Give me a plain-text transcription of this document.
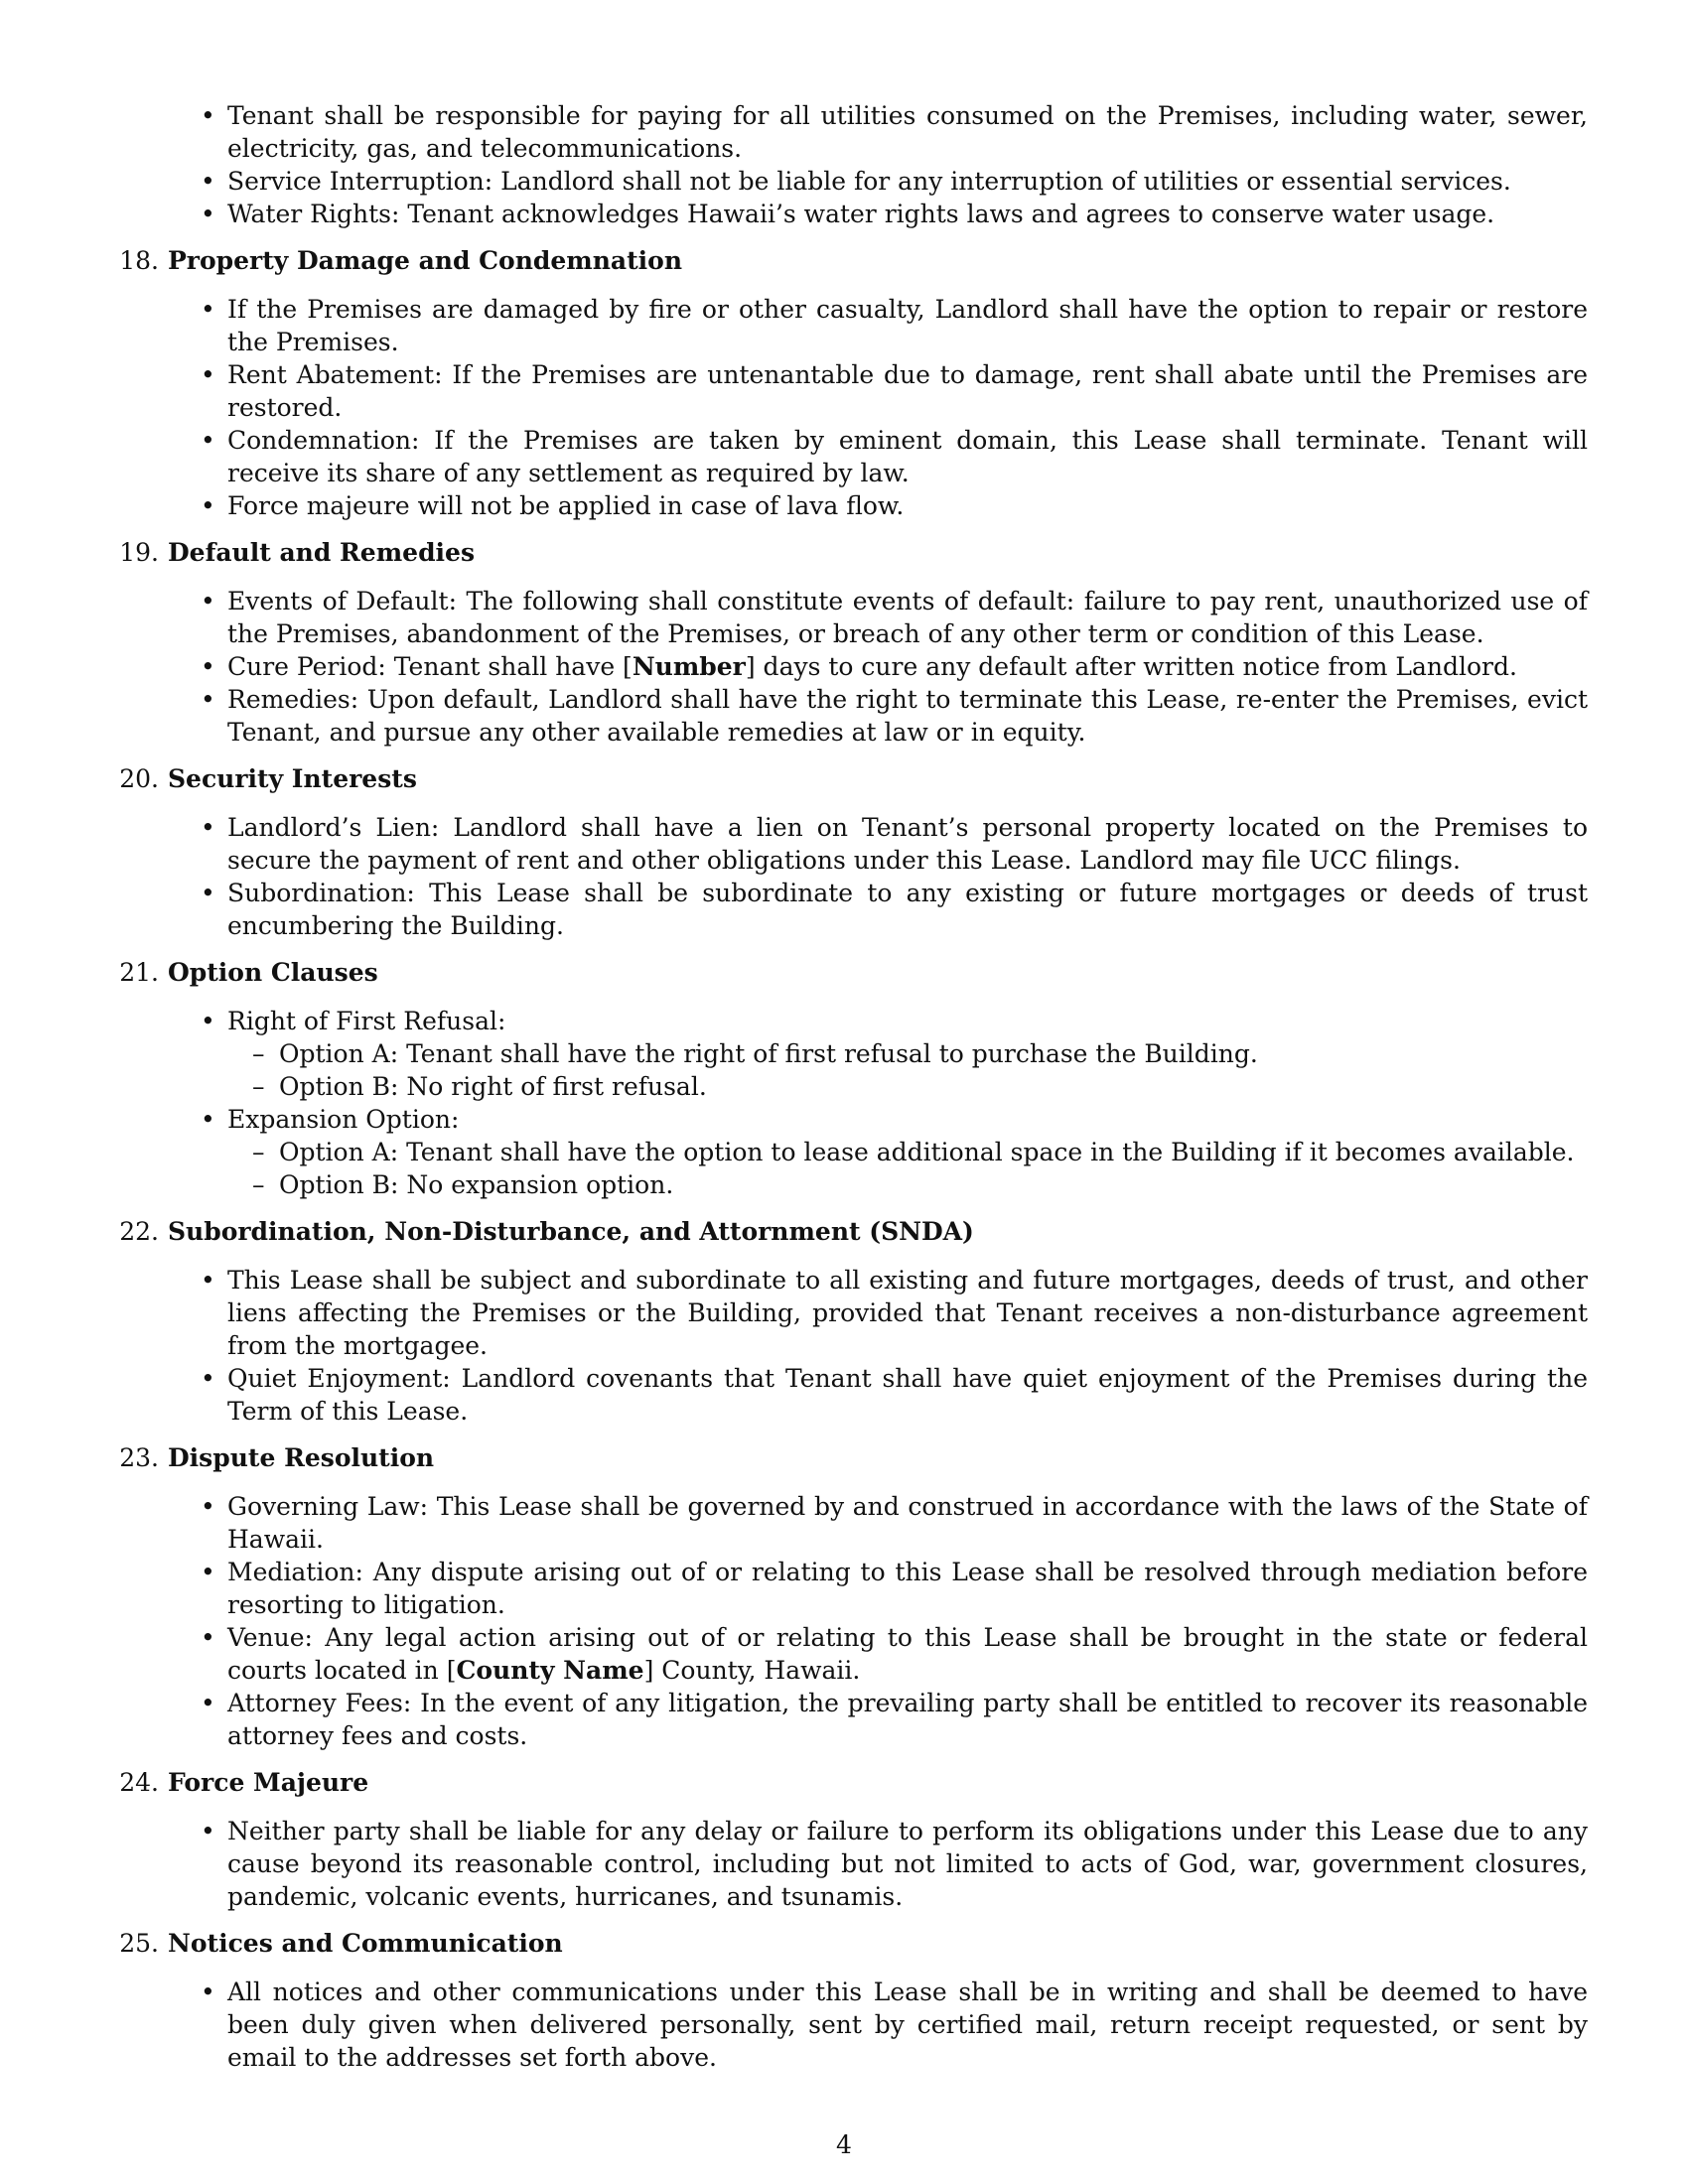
• Tenant shall be responsible for paying for all utilities consumed on the Premises, including water, sewer, electricity, gas, and telecommunications.
• Service Interruption: Landlord shall not be liable for any interruption of utilities or essential services.
• Water Rights: Tenant acknowledges Hawaii’s water rights laws and agrees to conserve water usage.
18. Property Damage and Condemnation
• If the Premises are damaged by fire or other casualty, Landlord shall have the option to repair or restore the Premises.
• Rent Abatement: If the Premises are untenantable due to damage, rent shall abate until the Premises are restored.
• Condemnation: If the Premises are taken by eminent domain, this Lease shall terminate. Tenant will receive its share of any settlement as required by law.
• Force majeure will not be applied in case of lava flow.
19. Default and Remedies
• Events of Default: The following shall constitute events of default: failure to pay rent, unauthorized use of the Premises, abandonment of the Premises, or breach of any other term or condition of this Lease.
• Cure Period: Tenant shall have [Number] days to cure any default after written notice from Landlord.
• Remedies: Upon default, Landlord shall have the right to terminate this Lease, re-enter the Premises, evict Tenant, and pursue any other available remedies at law or in equity.
20. Security Interests
• Landlord’s Lien: Landlord shall have a lien on Tenant’s personal property located on the Premises to secure the payment of rent and other obligations under this Lease. Landlord may file UCC filings.
• Subordination: This Lease shall be subordinate to any existing or future mortgages or deeds of trust encumbering the Building.
21. Option Clauses
• Right of First Refusal:
– Option A: Tenant shall have the right of first refusal to purchase the Building.
– Option B: No right of first refusal.
• Expansion Option:
– Option A: Tenant shall have the option to lease additional space in the Building if it becomes available.
– Option B: No expansion option.
22. Subordination, Non-Disturbance, and Attornment (SNDA)
• This Lease shall be subject and subordinate to all existing and future mortgages, deeds of trust, and other liens affecting the Premises or the Building, provided that Tenant receives a non-disturbance agreement from the mortgagee.
• Quiet Enjoyment: Landlord covenants that Tenant shall have quiet enjoyment of the Premises during the Term of this Lease.
23. Dispute Resolution
• Governing Law: This Lease shall be governed by and construed in accordance with the laws of the State of Hawaii.
• Mediation: Any dispute arising out of or relating to this Lease shall be resolved through mediation before resorting to litigation.
• Venue: Any legal action arising out of or relating to this Lease shall be brought in the state or federal courts located in [County Name] County, Hawaii.
• Attorney Fees: In the event of any litigation, the prevailing party shall be entitled to recover its reasonable attorney fees and costs.
24. Force Majeure
• Neither party shall be liable for any delay or failure to perform its obligations under this Lease due to any cause beyond its reasonable control, including but not limited to acts of God, war, government closures, pandemic, volcanic events, hurricanes, and tsunamis.
25. Notices and Communication
• All notices and other communications under this Lease shall be in writing and shall be deemed to have been duly given when delivered personally, sent by certified mail, return receipt requested, or sent by email to the addresses set forth above.
4
